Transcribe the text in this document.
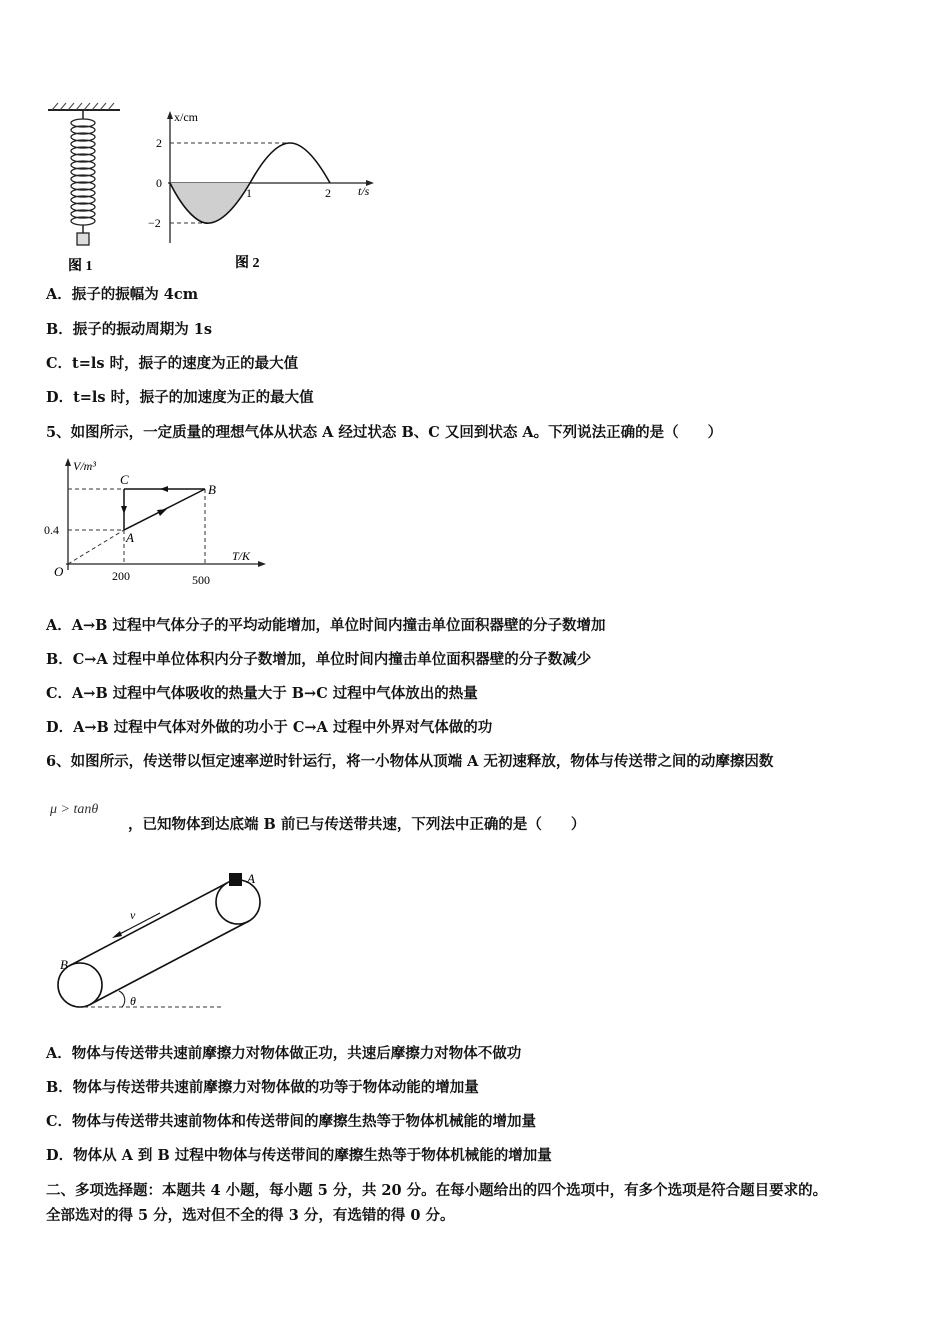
图 1
x/cm
t/s
2
0
−2
1	2
图 2
A．振子的振幅为 4cm
B．振子的振动周期为 1s
C．t=ls 时，振子的速度为正的最大值
D．t=ls 时，振子的加速度为正的最大值
5、如图所示，一定质量的理想气体从状态 A 经过状态 B、C 又回到状态 A。下列说法正确的是（　　）
V/m³
T/K
O
0.4
200	500
A
B
C
A．A→B 过程中气体分子的平均动能增加，单位时间内撞击单位面积器壁的分子数增加
B．C→A 过程中单位体积内分子数增加，单位时间内撞击单位面积器壁的分子数减少
C．A→B 过程中气体吸收的热量大于 B→C 过程中气体放出的热量
D．A→B 过程中气体对外做的功小于 C→A 过程中外界对气体做的功
6、如图所示，传送带以恒定速率逆时针运行，将一小物体从顶端 A 无初速释放，物体与传送带之间的动摩擦因数
μ > tanθ
，已知物体到达底端 B 前已与传送带共速，下列法中正确的是（　　）
A
B
v
θ
A．物体与传送带共速前摩擦力对物体做正功，共速后摩擦力对物体不做功
B．物体与传送带共速前摩擦力对物体做的功等于物体动能的增加量
C．物体与传送带共速前物体和传送带间的摩擦生热等于物体机械能的增加量
D．物体从 A 到 B 过程中物体与传送带间的摩擦生热等于物体机械能的增加量
二、多项选择题：本题共 4 小题，每小题 5 分，共 20 分。在每小题给出的四个选项中，有多个选项是符合题目要求的。
全部选对的得 5 分，选对但不全的得 3 分，有选错的得 0 分。
